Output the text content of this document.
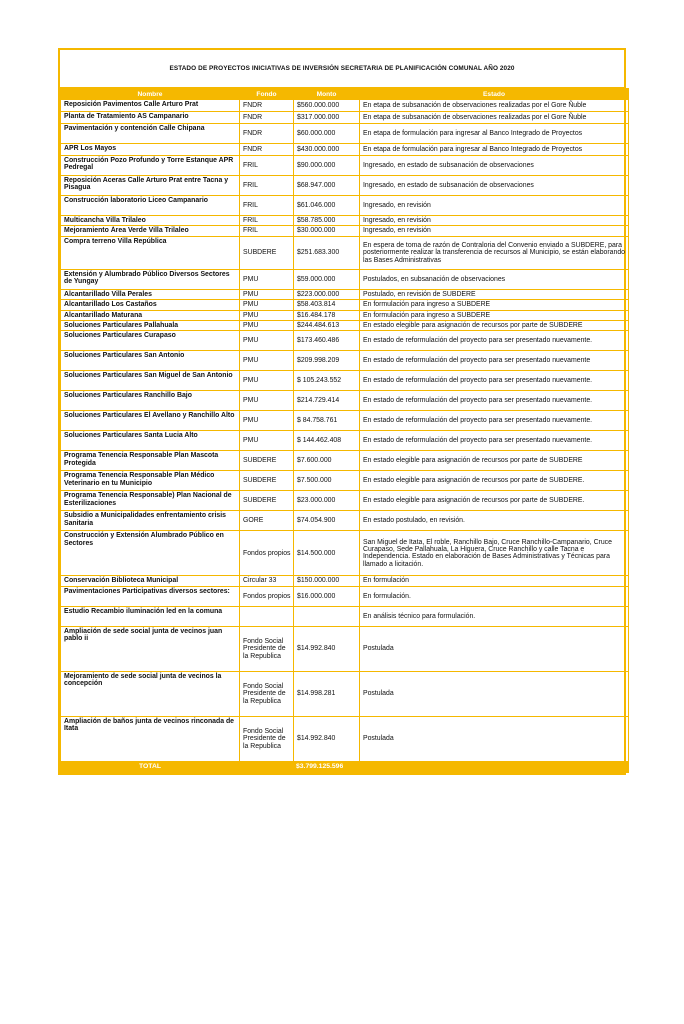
ESTADO DE PROYECTOS INICIATIVAS DE INVERSIÓN SECRETARIA DE PLANIFICACIÓN COMUNAL AÑO 2020
Nombre	Fondo	Monto	Estado
Reposición Pavimentos Calle Arturo Prat	FNDR	$560.000.000	En etapa de subsanación de observaciones realizadas por el Gore Ñuble
Planta de Tratamiento AS Campanario	FNDR	$317.000.000	En etapa de subsanación de observaciones realizadas por el Gore Ñuble
Pavimentación y contención Calle Chipana	FNDR	$60.000.000	En etapa de formulación para ingresar al Banco Integrado de Proyectos
APR Los Mayos	FNDR	$430.000.000	En etapa de formulación para ingresar al Banco Integrado de Proyectos
Construcción Pozo Profundo y Torre Estanque APR Pedregal	FRIL	$90.000.000	Ingresado, en estado de subsanación de observaciones
Reposición Aceras Calle Arturo Prat entre Tacna y Pisagua	FRIL	$68.947.000	Ingresado, en estado de subsanación de observaciones
Construcción laboratorio Liceo Campanario	FRIL	$61.046.000	Ingresado, en revisión
Multicancha Villa Trilaleo	FRIL	$58.785.000	Ingresado, en revisión
Mejoramiento Área Verde Villa Trilaleo	FRIL	$30.000.000	Ingresado, en revisión
Compra terreno Villa República	SUBDERE	$251.683.300	En espera de toma de razón de Contraloria del Convenio enviado a SUBDERE, para posteriormente realizar la transferencia de recursos al Municipio, se están elaborando las Bases Administrativas
Extensión y Alumbrado Público Diversos Sectores de Yungay	PMU	$59.000.000	Postulados, en subsanación de observaciones
Alcantarillado Villa Perales	PMU	$223.000.000	Postulado, en revisión de SUBDERE
Alcantarillado Los Castaños	PMU	$58.403.814	En formulación para ingreso a SUBDERE
Alcantarillado Maturana	PMU	$16.484.178	En formulación para ingreso a SUBDERE
Soluciones Particulares Pallahuala	PMU	$244.484.613	En estado elegible para asignación de recursos por parte de SUBDERE
Soluciones Particulares Curapaso	PMU	$173.460.486	En estado de reformulación del proyecto para ser presentado nuevamente.
Soluciones Particulares San Antonio	PMU	$209.998.209	En estado de reformulación del proyecto para ser presentado nuevamente
Soluciones Particulares San Miguel de San Antonio	PMU	$ 105.243.552	En estado de reformulación del proyecto para ser presentado nuevamente.
Soluciones Particulares Ranchillo Bajo	PMU	$214.729.414	En estado de reformulación del proyecto para ser presentado nuevamente.
Soluciones Particulares El Avellano y Ranchillo Alto	PMU	$ 84.758.761	En estado de reformulación del proyecto para ser presentado nuevamente.
Soluciones Particulares Santa Lucia Alto	PMU	$ 144.462.408	En estado de reformulación del proyecto para ser presentado nuevamente.
Programa Tenencia Responsable Plan Mascota Protegida	SUBDERE	$7.600.000	En estado elegible para asignación de recursos por parte de SUBDERE
Programa Tenencia Responsable Plan Médico Veterinario en tu Municipio	SUBDERE	$7.500.000	En estado elegible para asignación de recursos por parte de SUBDERE.
Programa Tenencia Responsable) Plan Nacional de Esterilizaciones	SUBDERE	$23.000.000	En estado elegible para asignación de recursos por parte de SUBDERE.
Subsidio a Municipalidades enfrentamiento crisis Sanitaria	GORE	$74.054.900	En estado postulado, en revisión.
Construcción y Extensión Alumbrado Público en Sectores	Fondos propios	$14.500.000	San Miguel de Itata, El roble, Ranchillo Bajo, Cruce Ranchillo-Campanario, Cruce Curapaso, Sede Pallahuala, La Higuera, Cruce Ranchillo y calle Tacna e Independencia. Estado en elaboración de Bases Administrativas y Técnicas para llamado a licitación.
Conservación Biblioteca Municipal	Circular 33	$150.000.000	En formulación
Pavimentaciones Participativas diversos sectores:	Fondos propios	$16.000.000	En formulación.
Estudio Recambio iluminación led en la comuna			En análisis técnico para formulación.
Ampliación de sede social junta de vecinos juan pablo ii	Fondo Social Presidente de la Republica	$14.992.840	Postulada
Mejoramiento de sede social junta de vecinos la concepción	Fondo Social Presidente de la Republica	$14.998.281	Postulada
Ampliación de baños junta de vecinos rinconada de Itata	Fondo Social Presidente de la Republica	$14.992.840	Postulada
TOTAL		$3.799.125.596	
